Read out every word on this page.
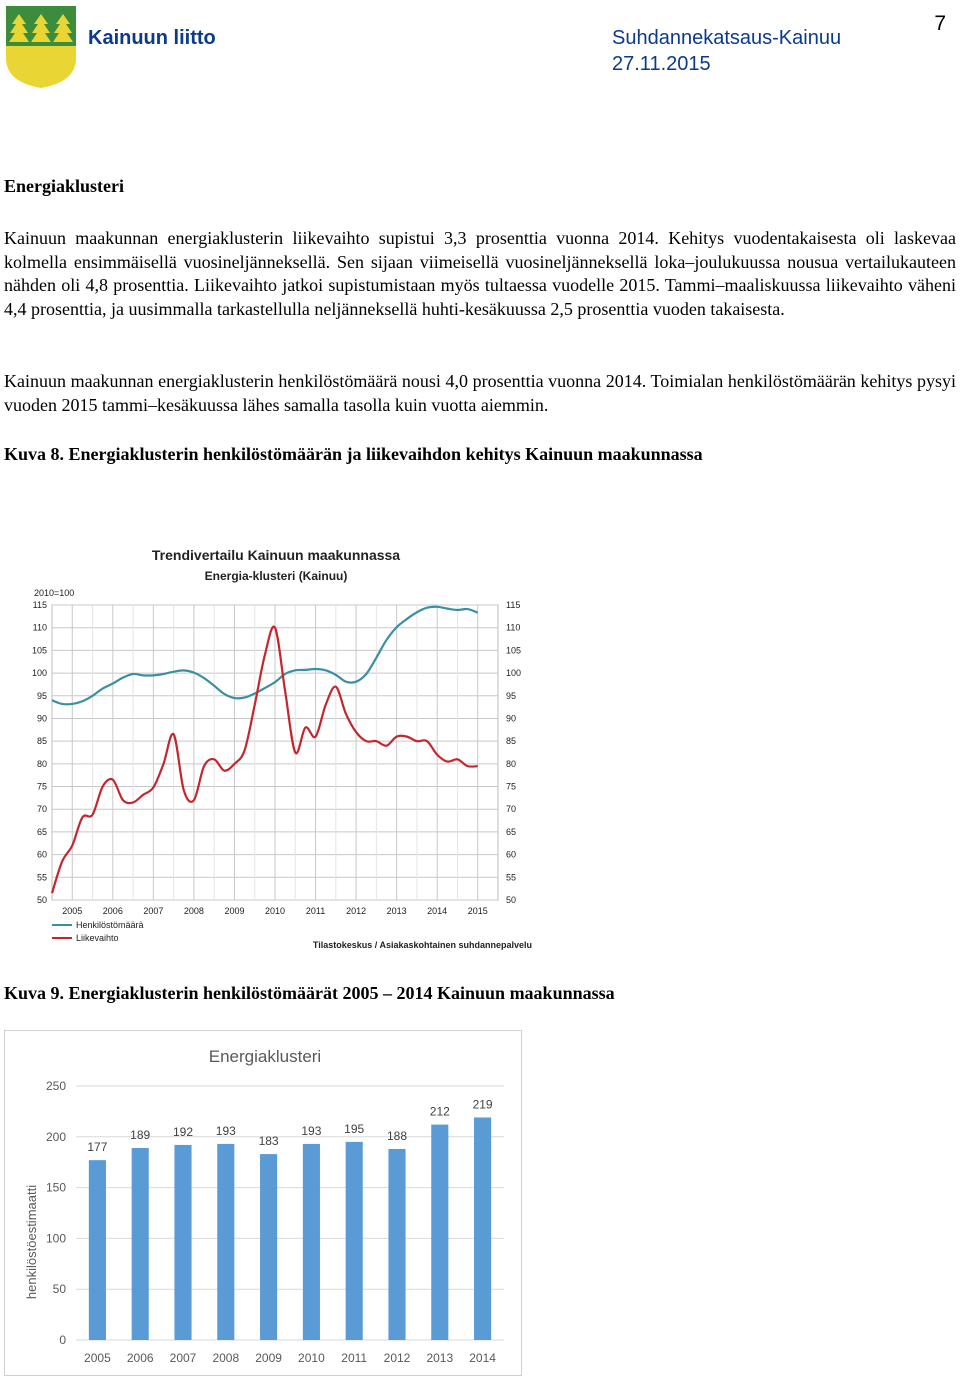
Kainuun liitto	Suhdannekatsaus-Kainuu
27.11.2015
7
Energiaklusteri

Kainuun maakunnan energiaklusterin liikevaihto supistui 3,3 prosenttia vuonna 2014. Kehitys vuodentakaisesta oli laskevaa kolmella ensimmäisellä vuosineljänneksellä. Sen sijaan viimeisellä vuosineljänneksellä loka–joulukuussa nousua vertailukauteen nähden oli 4,8 prosenttia. Liikevaihto jatkoi supistumistaan myös tultaessa vuodelle 2015. Tammi–maaliskuussa liikevaihto väheni 4,4 prosenttia, ja uusimmalla tarkastellulla neljänneksellä huhti-kesäkuussa 2,5 prosenttia vuoden takaisesta.

Kainuun maakunnan energiaklusterin henkilöstömäärä nousi 4,0 prosenttia vuonna 2014. Toimialan henkilöstömäärän kehitys pysyi vuoden 2015 tammi–kesäkuussa lähes samalla tasolla kuin vuotta aiemmin.

Kuva 8. Energiaklusterin henkilöstömäärän ja liikevaihdon kehitys Kainuun maakunnassa
Trendivertailu Kainuun maakunnassa
Energia-klusteri (Kainuu)
2010=100
50	50
55	55
60	60
65	65
70	70
75	75
80	80
85	85
90	90
95	95
100	100
105	105
110	110
115	115
2005 2006 2007 2008 2009 2010 2011 2012 2013 2014 2015
Henkilöstömäärä
Liikevaihto
Tilastokeskus / Asiakaskohtainen suhdannepalvelu
Kuva 9. Energiaklusterin henkilöstömäärät 2005 – 2014 Kainuun maakunnassa
Energiaklusteri
henkilöstöestimaatti
0
50
100
150
200
250
177
2005
189
2006
192
2007
193
2008
183
2009
193
2010
195
2011
188
2012
212
2013
219
2014
